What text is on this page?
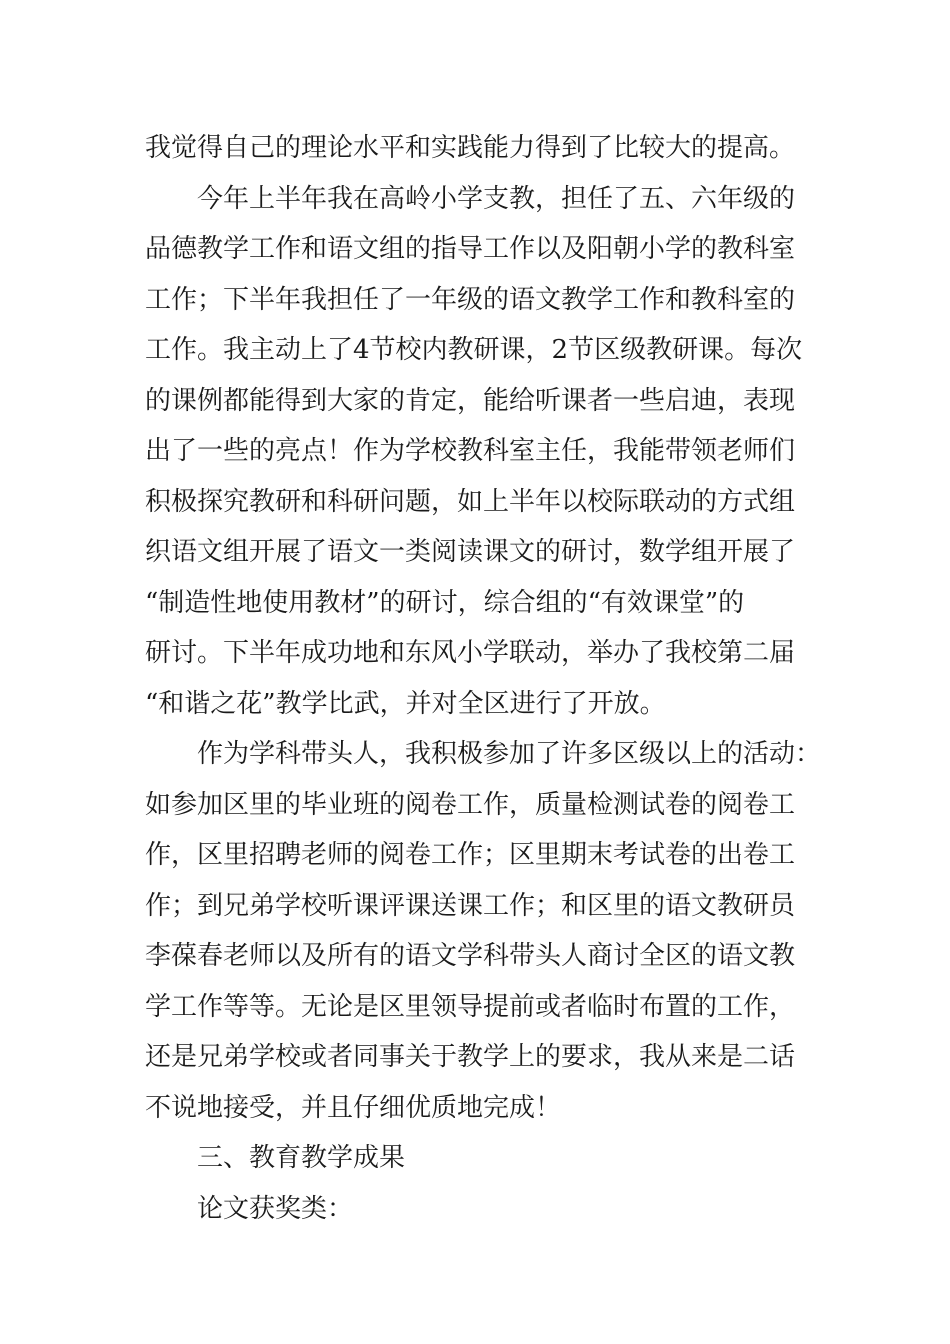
我觉得自己的理论水平和实践能力得到了比较大的提高。
今年上半年我在高岭小学支教，担任了五、六年级的
品德教学工作和语文组的指导工作以及阳朝小学的教科室
工作；下半年我担任了一年级的语文教学工作和教科室的
工作。我主动上了4节校内教研课，2节区级教研课。每次
的课例都能得到大家的肯定，能给听课者一些启迪，表现
出了一些的亮点！作为学校教科室主任，我能带领老师们
积极探究教研和科研问题，如上半年以校际联动的方式组
织语文组开展了语文一类阅读课文的研讨，数学组开展了
“制造性地使用教材”的研讨，综合组的“有效课堂”的
研讨。下半年成功地和东风小学联动，举办了我校第二届
“和谐之花”教学比武，并对全区进行了开放。
作为学科带头人，我积极参加了许多区级以上的活动：
如参加区里的毕业班的阅卷工作，质量检测试卷的阅卷工
作，区里招聘老师的阅卷工作；区里期末考试卷的出卷工
作；到兄弟学校听课评课送课工作；和区里的语文教研员
李葆春老师以及所有的语文学科带头人商讨全区的语文教
学工作等等。无论是区里领导提前或者临时布置的工作，
还是兄弟学校或者同事关于教学上的要求，我从来是二话
不说地接受，并且仔细优质地完成！
三、教育教学成果
论文获奖类：
